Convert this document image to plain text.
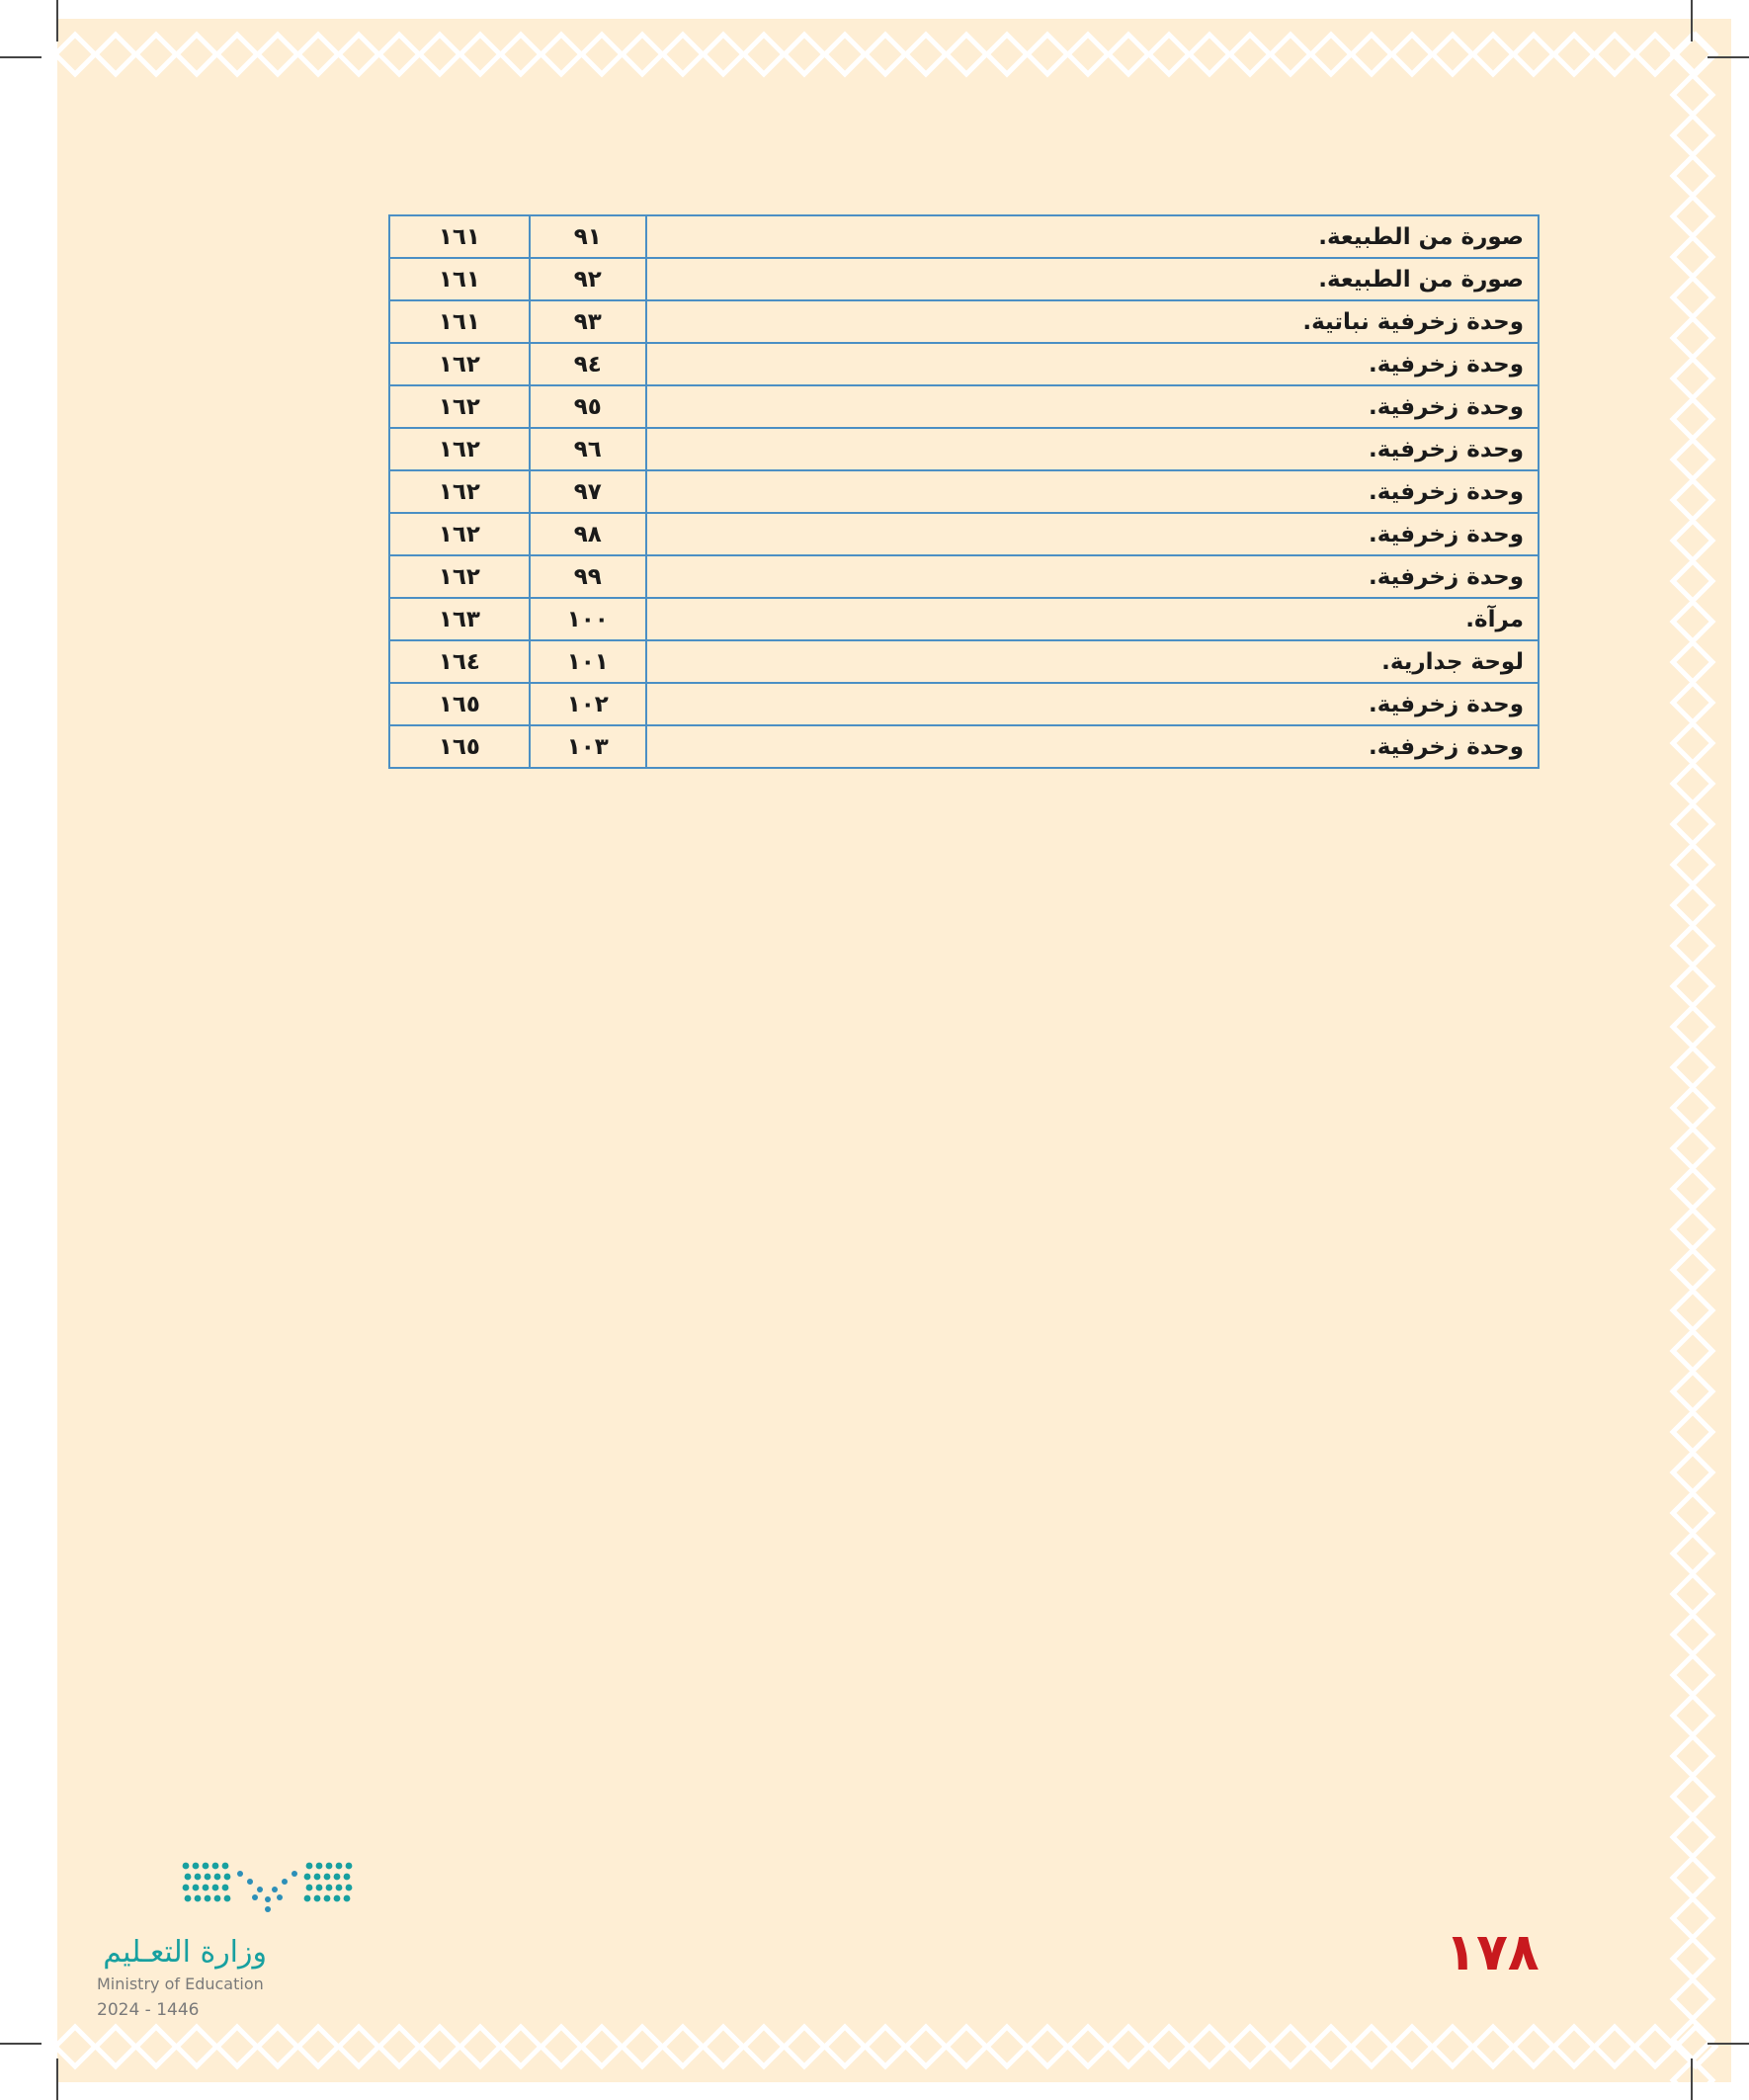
صورة من الطبيعة.	٩١	١٦١
صورة من الطبيعة.	٩٢	١٦١
وحدة زخرفية نباتية.	٩٣	١٦١
وحدة زخرفية.	٩٤	١٦٢
وحدة زخرفية.	٩٥	١٦٢
وحدة زخرفية.	٩٦	١٦٢
وحدة زخرفية.	٩٧	١٦٢
وحدة زخرفية.	٩٨	١٦٢
وحدة زخرفية.	٩٩	١٦٢
مرآة.	١٠٠	١٦٣
لوحة جدارية.	١٠١	١٦٤
وحدة زخرفية.	١٠٢	١٦٥
وحدة زخرفية.	١٠٣	١٦٥
وزارة التعـليم
Ministry of Education
2024 - 1446
١٧٨
